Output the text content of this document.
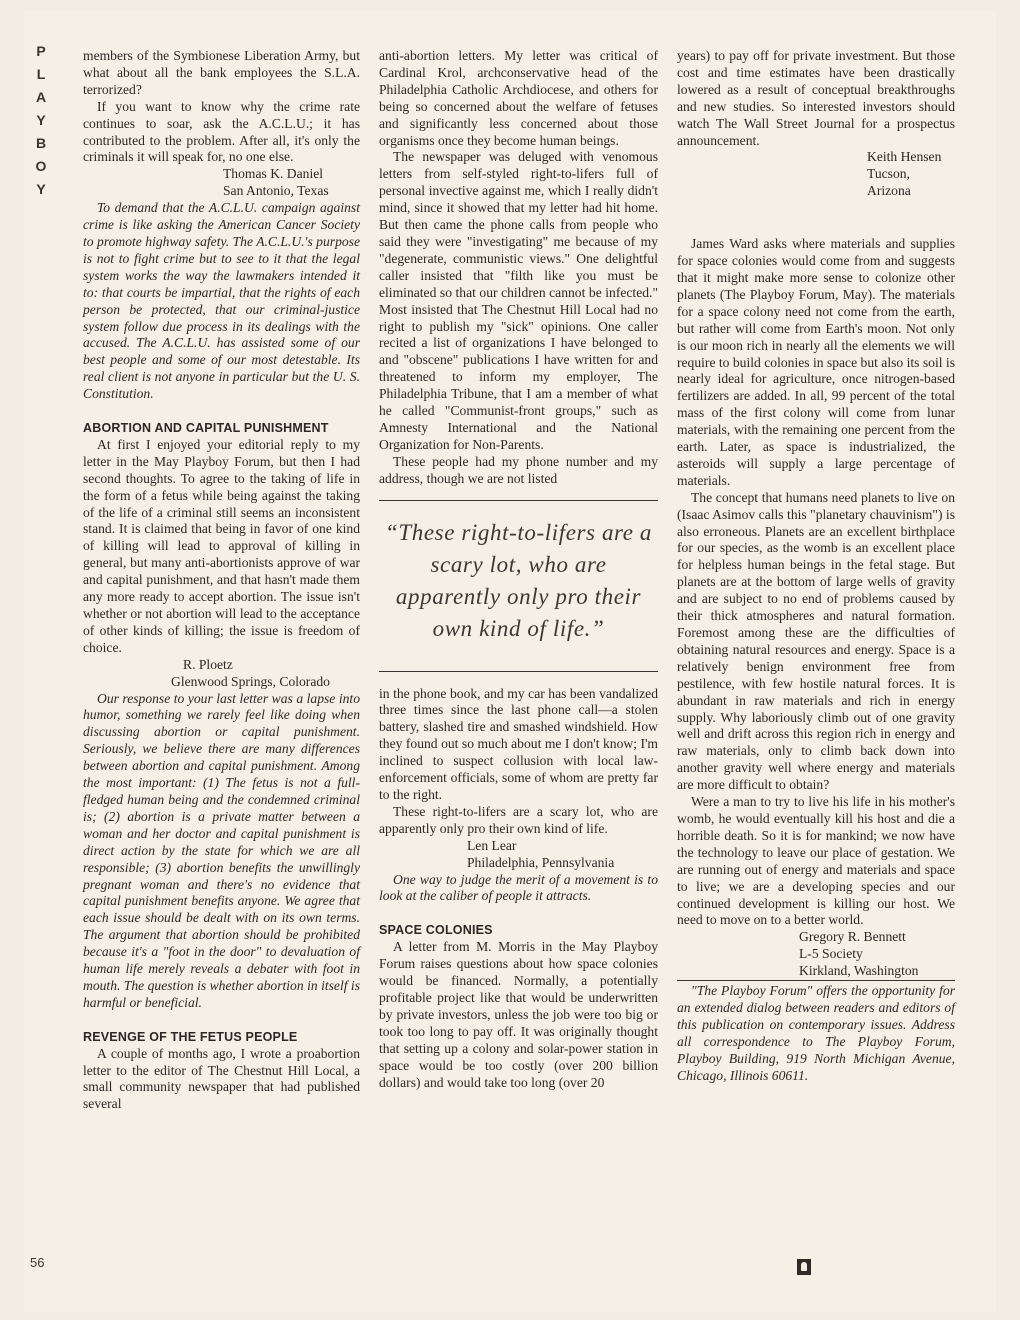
P
L
A
Y
B
O
Y
56

members of the Symbionese Liberation Army, but what about all the bank employees the S.L.A. terrorized?

If you want to know why the crime rate continues to soar, ask the A.C.L.U.; it has contributed to the problem. After all, it's only the criminals it will speak for, no one else.

Thomas K. Daniel

San Antonio, Texas

To demand that the A.C.L.U. campaign against crime is like asking the American Cancer Society to promote highway safety. The A.C.L.U.'s purpose is not to fight crime but to see to it that the legal system works the way the lawmakers intended it to: that courts be impartial, that the rights of each person be protected, that our criminal-justice system follow due process in its dealings with the accused. The A.C.L.U. has assisted some of our best people and some of our most detestable. Its real client is not anyone in particular but the U. S. Constitution.

ABORTION AND CAPITAL PUNISHMENT

At first I enjoyed your editorial reply to my letter in the May Playboy Forum, but then I had second thoughts. To agree to the taking of life in the form of a fetus while being against the taking of the life of a criminal still seems an inconsistent stand. It is claimed that being in favor of one kind of killing will lead to approval of killing in general, but many anti-abortionists approve of war and capital punishment, and that hasn't made them any more ready to accept abortion. The issue isn't whether or not abortion will lead to the acceptance of other kinds of killing; the issue is freedom of choice.

R. Ploetz

Glenwood Springs, Colorado

Our response to your last letter was a lapse into humor, something we rarely feel like doing when discussing abortion or capital punishment. Seriously, we believe there are many differences between abortion and capital punishment. Among the most important: (1) The fetus is not a full-fledged human being and the condemned criminal is; (2) abortion is a private matter between a woman and her doctor and capital punishment is direct action by the state for which we are all responsible; (3) abortion benefits the unwillingly pregnant woman and there's no evidence that capital punishment benefits anyone. We agree that each issue should be dealt with on its own terms. The argument that abortion should be prohibited because it's a "foot in the door" to devaluation of human life merely reveals a debater with foot in mouth. The question is whether abortion in itself is harmful or beneficial.

REVENGE OF THE FETUS PEOPLE

A couple of months ago, I wrote a proabortion letter to the editor of The Chestnut Hill Local, a small community newspaper that had published several

anti-abortion letters. My letter was critical of Cardinal Krol, archconservative head of the Philadelphia Catholic Archdiocese, and others for being so concerned about the welfare of fetuses and significantly less concerned about those organisms once they become human beings.

The newspaper was deluged with venomous letters from self-styled right-to-lifers full of personal invective against me, which I really didn't mind, since it showed that my letter had hit home. But then came the phone calls from people who said they were "investigating" me because of my "degenerate, communistic views." One delightful caller insisted that "filth like you must be eliminated so that our children cannot be infected." Most insisted that The Chestnut Hill Local had no right to publish my "sick" opinions. One caller recited a list of organizations I have belonged to and "obscene" publications I have written for and threatened to inform my employer, The Philadelphia Tribune, that I am a member of what he called "Communist-front groups," such as Amnesty International and the National Organization for Non-Parents.

These people had my phone number and my address, though we are not listed

“These right-to-lifers are a scary lot, who are apparently only pro their own kind of life.”

in the phone book, and my car has been vandalized three times since the last phone call—a stolen battery, slashed tire and smashed windshield. How they found out so much about me I don't know; I'm inclined to suspect collusion with local law-enforcement officials, some of whom are pretty far to the right.

These right-to-lifers are a scary lot, who are apparently only pro their own kind of life.

Len Lear

Philadelphia, Pennsylvania

One way to judge the merit of a movement is to look at the caliber of people it attracts.

SPACE COLONIES

A letter from M. Morris in the May Playboy Forum raises questions about how space colonies would be financed. Normally, a potentially profitable project like that would be underwritten by private investors, unless the job were too big or took too long to pay off. It was originally thought that setting up a colony and solar-power station in space would be too costly (over 200 billion dollars) and would take too long (over 20

years) to pay off for private investment. But those cost and time estimates have been drastically lowered as a result of conceptual breakthroughs and new studies. So interested investors should watch The Wall Street Journal for a prospectus announcement.

Keith Hensen

Tucson, Arizona

James Ward asks where materials and supplies for space colonies would come from and suggests that it might make more sense to colonize other planets (The Playboy Forum, May). The materials for a space colony need not come from the earth, but rather will come from Earth's moon. Not only is our moon rich in nearly all the elements we will require to build colonies in space but also its soil is nearly ideal for agriculture, once nitrogen-based fertilizers are added. In all, 99 percent of the total mass of the first colony will come from lunar materials, with the remaining one percent from the earth. Later, as space is industrialized, the asteroids will supply a large percentage of materials.

The concept that humans need planets to live on (Isaac Asimov calls this "planetary chauvinism") is also erroneous. Planets are an excellent birthplace for our species, as the womb is an excellent place for helpless human beings in the fetal stage. But planets are at the bottom of large wells of gravity and are subject to no end of problems caused by their thick atmospheres and natural formation. Foremost among these are the difficulties of obtaining natural resources and energy. Space is a relatively benign environment free from pestilence, with few hostile natural forces. It is abundant in raw materials and rich in energy supply. Why laboriously climb out of one gravity well and drift across this region rich in energy and raw materials, only to climb back down into another gravity well where energy and materials are more difficult to obtain?

Were a man to try to live his life in his mother's womb, he would eventually kill his host and die a horrible death. So it is for mankind; we now have the technology to leave our place of gestation. We are running out of energy and materials and space to live; we are a developing species and our continued development is killing our host. We need to move on to a better world.

Gregory R. Bennett

L-5 Society

Kirkland, Washington

"The Playboy Forum" offers the opportunity for an extended dialog between readers and editors of this publication on contemporary issues. Address all correspondence to The Playboy Forum, Playboy Building, 919 North Michigan Avenue, Chicago, Illinois 60611.
